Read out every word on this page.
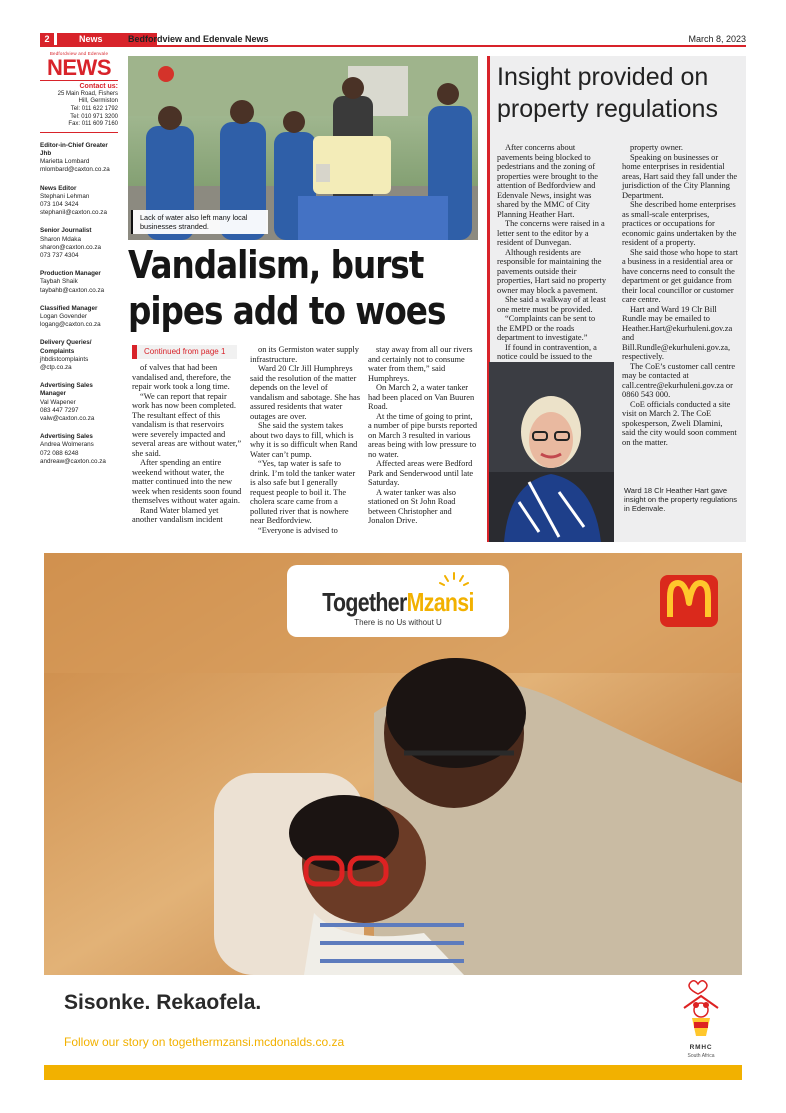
2	News	Bedfordview and Edenvale News	March 8, 2023
Bedfordview and Edenvale
NEWS
Contact us:
25 Main Road, Fishers
Hill, Germiston
Tel: 011 622 1792
Tel: 010 971 3200
Fax: 011 609 7160
Editor-in-Chief Greater Jhb
Marietta Lombard
mlombard@caxton.co.za
News Editor
Stephani Lehman
073 104 3424
stephanil@caxton.co.za
Senior Journalist
Sharon Mdaka
sharon@caxton.co.za
073 737 4304
Production Manager
Taybah Shaik
taybahb@caxton.co.za
Classified Manager
Logan Govender
logang@caxton.co.za
Delivery Queries/ Complaints
jhbdistcomplaints
@ctp.co.za
Advertising Sales Manager
Val Wapener
083 447 7297
valw@caxton.co.za
Advertising Sales
Andrea Wolmerans
072 088 6248
andreaw@caxton.co.za
Lack of water also left many local businesses stranded.
Vandalism, burst
pipes add to woes
Continued from page 1

of valves that had been vandalised and, therefore, the repair work took a long time.

“We can report that repair work has now been completed. The resultant effect of this vandalism is that reservoirs were severely impacted and several areas are without water,” she said.

After spending an entire weekend without water, the matter continued into the new week when residents soon found themselves without water again.

Rand Water blamed yet another vandalism incident

on its Germiston water supply infrastructure.

Ward 20 Clr Jill Humphreys said the resolution of the matter depends on the level of vandalism and sabotage. She has assured residents that water outages are over.

She said the system takes about two days to fill, which is why it is so difficult when Rand Water can’t pump.

“Yes, tap water is safe to drink. I’m told the tanker water is also safe but I generally request people to boil it. The cholera scare came from a polluted river that is nowhere near Bedfordview.

“Everyone is advised to

stay away from all our rivers and certainly not to consume water from them,” said Humphreys.

On March 2, a water tanker had been placed on Van Buuren Road.

At the time of going to print, a number of pipe bursts reported on March 3 resulted in various areas being with low pressure to no water.

Affected areas were Bedford Park and Senderwood until late Saturday.

A water tanker was also stationed on St John Road between Christopher and Jonalon Drive.

Insight provided on property regulations

After concerns about pavements being blocked to pedestrians and the zoning of properties were brought to the attention of Bedfordview and Edenvale News, insight was shared by the MMC of City Planning Heather Hart.

The concerns were raised in a letter sent to the editor by a resident of Dunvegan.

Although residents are responsible for maintaining the pavements outside their properties, Hart said no property owner may block a pavement.

She said a walkway of at least one metre must be provided.

“Complaints can be sent to the EMPD or the roads department to investigate.”

If found in contravention, a notice could be issued to the

property owner.

Speaking on businesses or home enterprises in residential areas, Hart said they fall under the jurisdiction of the City Planning Department.

She described home enterprises as small-scale enterprises, practices or occupations for economic gains undertaken by the resident of a property.

She said those who hope to start a business in a residential area or have concerns need to consult the department or get guidance from their local councillor or customer care centre.

Hart and Ward 19 Clr Bill Rundle may be emailed to Heather.Hart@ekurhuleni.gov.za and Bill.Rundle@ekurhuleni.gov.za, respectively.

The CoE’s customer call centre may be contacted at call.centre@ekurhuleni.gov.za or 0860 543 000.

CoE officials conducted a site visit on March 2. The CoE spokesperson, Zweli Dlamini, said the city would soon comment on the matter.

Ward 18 Clr Heather Hart gave insight on the property regulations in Edenvale.
TogetherMzansi
There is no Us without U
Sisonke. Rekaofela.
Follow our story on togethermzansi.mcdonalds.co.za	RMHC
South Africa
